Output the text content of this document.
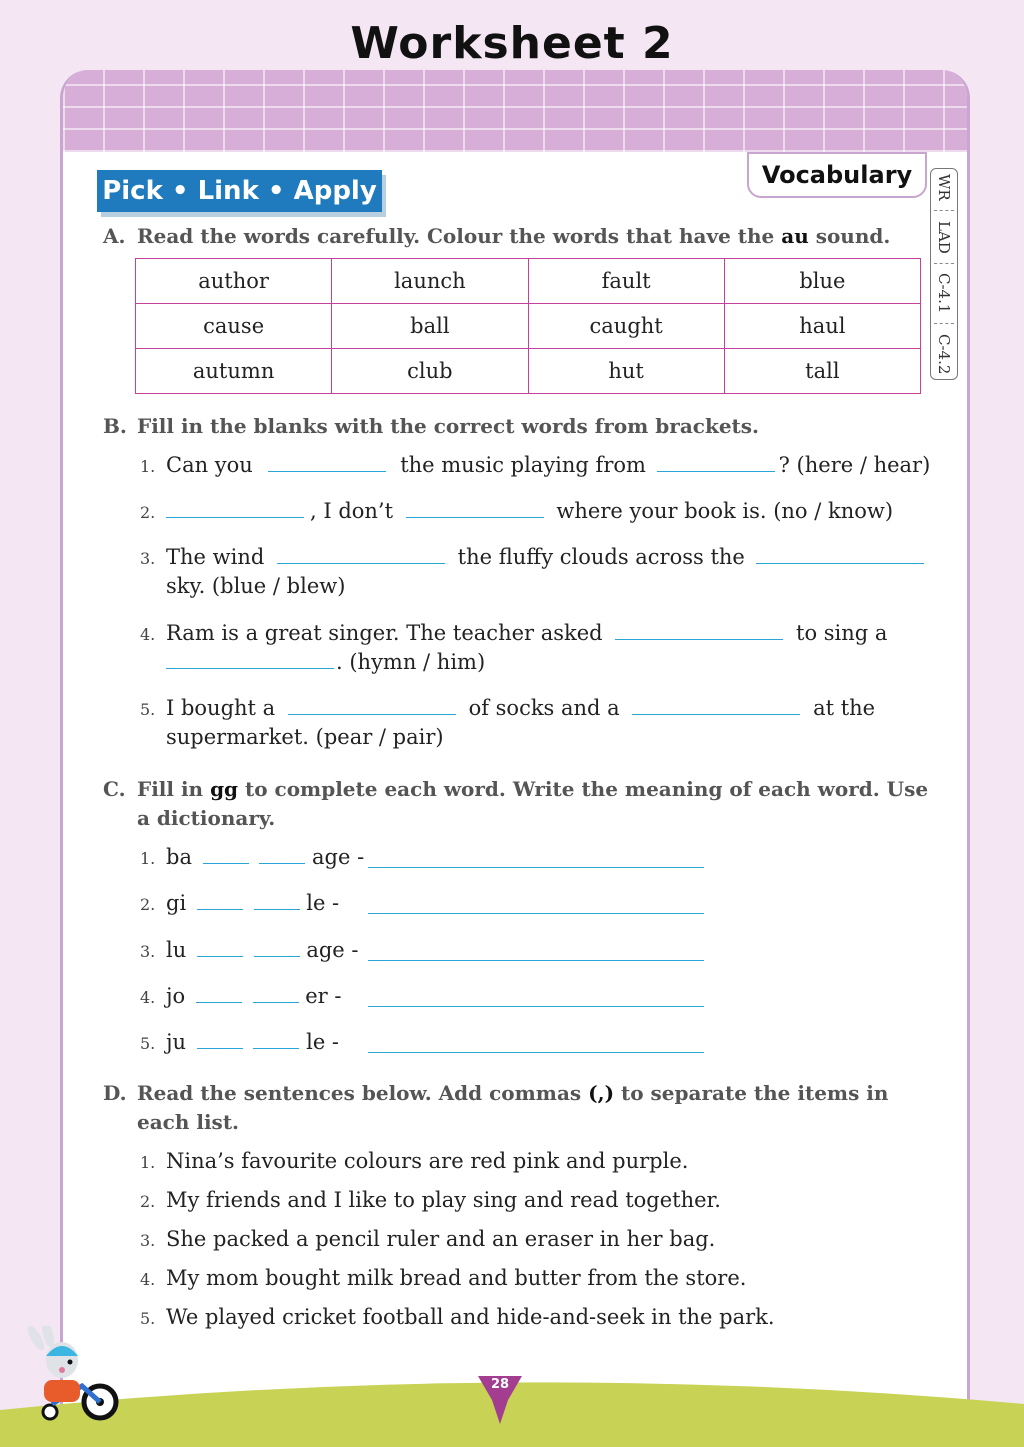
Worksheet 2
Vocabulary	WR
LAD
C-4.1
C-4.2
Pick • Link • Apply
A. Read the words carefully. Colour the words that have the au sound.
author	launch	fault	blue
cause	ball	caught	haul
autumn	club	hut	tall
B. Fill in the blanks with the correct words from brackets.
1. Can you	the music playing from	? (here / hear)
2.	, I don’t	where your book is. (no / know)
3. The wind	the fluffy clouds across the
sky. (blue / blew)
4. Ram is a great singer. The teacher asked	to sing a
. (hymn / him)
5. I bought a	of socks and a	at the
supermarket. (pear / pair)
C. Fill in gg to complete each word. Write the meaning of each word. Use
a dictionary.
1. ba	age -
2. gi	le -
3. lu	age -
4. jo	er -
5. ju	le -
D. Read the sentences below. Add commas (,) to separate the items in
each list.
1. Nina’s favourite colours are red pink and purple.
2. My friends and I like to play sing and read together.
3. She packed a pencil ruler and an eraser in her bag.
4. My mom bought milk bread and butter from the store.
5. We played cricket football and hide-and-seek in the park.
28
